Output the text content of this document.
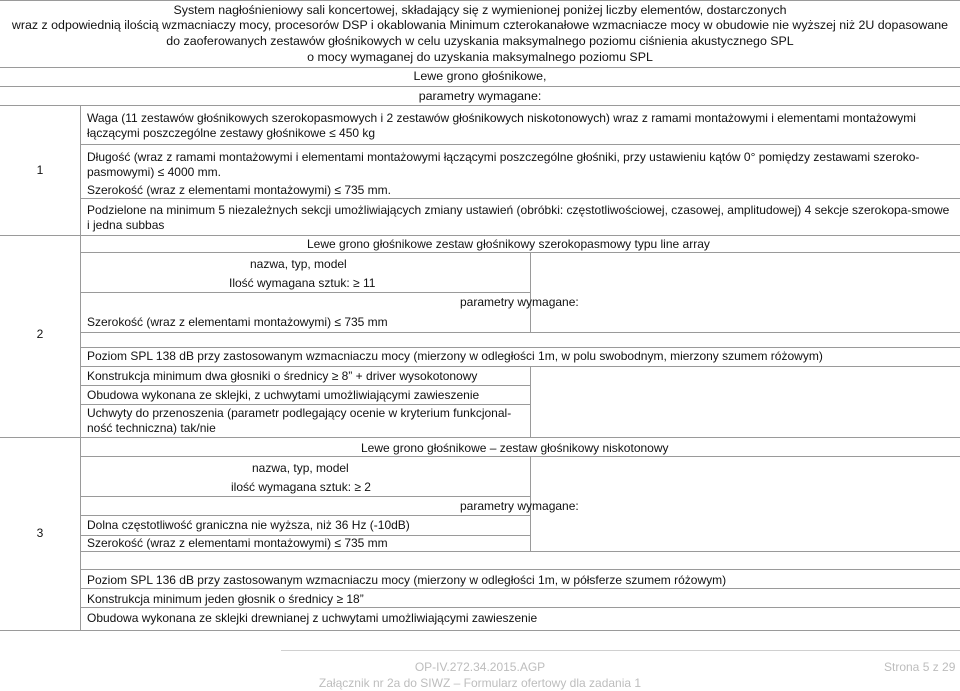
System nagłośnieniowy sali koncertowej, składający się z wymienionej poniżej liczby elementów, dostarczonych
wraz z odpowiednią ilością wzmacniaczy mocy, procesorów DSP i okablowania Minimum czterokanałowe wzmacniacze mocy w obudowie nie wyższej niż 2U dopasowane
do zaoferowanych zestawów głośnikowych w celu uzyskania maksymalnego poziomu ciśnienia akustycznego SPL
o mocy wymaganej do uzyskania maksymalnego poziomu SPL
Lewe grono głośnikowe,
parametry wymagane:
1
Waga (11 zestawów głośnikowych szerokopasmowych i 2 zestawów głośnikowych niskotonowych) wraz z ramami montażowymi i elementami montażowymi łączącymi poszczególne zestawy głośnikowe ≤ 450 kg
Długość (wraz z ramami montażowymi i elementami montażowymi łączącymi poszczególne głośniki, przy ustawieniu kątów 0° pomiędzy zestawami szeroko-pasmowymi) ≤ 4000 mm.
Szerokość (wraz z elementami montażowymi) ≤ 735 mm.
Podzielone na minimum 5 niezależnych sekcji umożliwiających zmiany ustawień (obróbki: częstotliwościowej, czasowej, amplitudowej) 4 sekcje szerokopa-smowe i jedna subbas
2
Lewe grono głośnikowe zestaw głośnikowy szerokopasmowy typu line array
nazwa, typ, model
Ilość wymagana sztuk: ≥ 11
parametry wymagane:
Szerokość (wraz z elementami montażowymi) ≤ 735 mm
Poziom SPL 138 dB przy zastosowanym wzmacniaczu mocy (mierzony w odległości 1m, w polu swobodnym, mierzony szumem różowym)
Konstrukcja minimum dwa głosniki o średnicy ≥ 8” + driver wysokotonowy
Obudowa wykonana ze sklejki, z uchwytami umożliwiającymi zawieszenie
Uchwyty do przenoszenia (parametr podlegający ocenie w kryterium funkcjonal-ność techniczna) tak/nie
3
Lewe grono głośnikowe – zestaw głośnikowy niskotonowy
nazwa, typ, model
ilość wymagana sztuk: ≥ 2
parametry wymagane:
Dolna częstotliwość graniczna nie wyższa, niż 36 Hz (-10dB)
Szerokość (wraz z elementami montażowymi) ≤ 735 mm
Poziom SPL 136 dB przy zastosowanym wzmacniaczu mocy (mierzony w odległości 1m, w półsferze szumem różowym)
Konstrukcja minimum jeden głosnik o średnicy ≥ 18”
Obudowa wykonana ze sklejki drewnianej z uchwytami umożliwiającymi zawieszenie
OP-IV.272.34.2015.AGP
Załącznik nr 2a do SIWZ – Formularz ofertowy dla zadania 1
Strona 5 z 29
